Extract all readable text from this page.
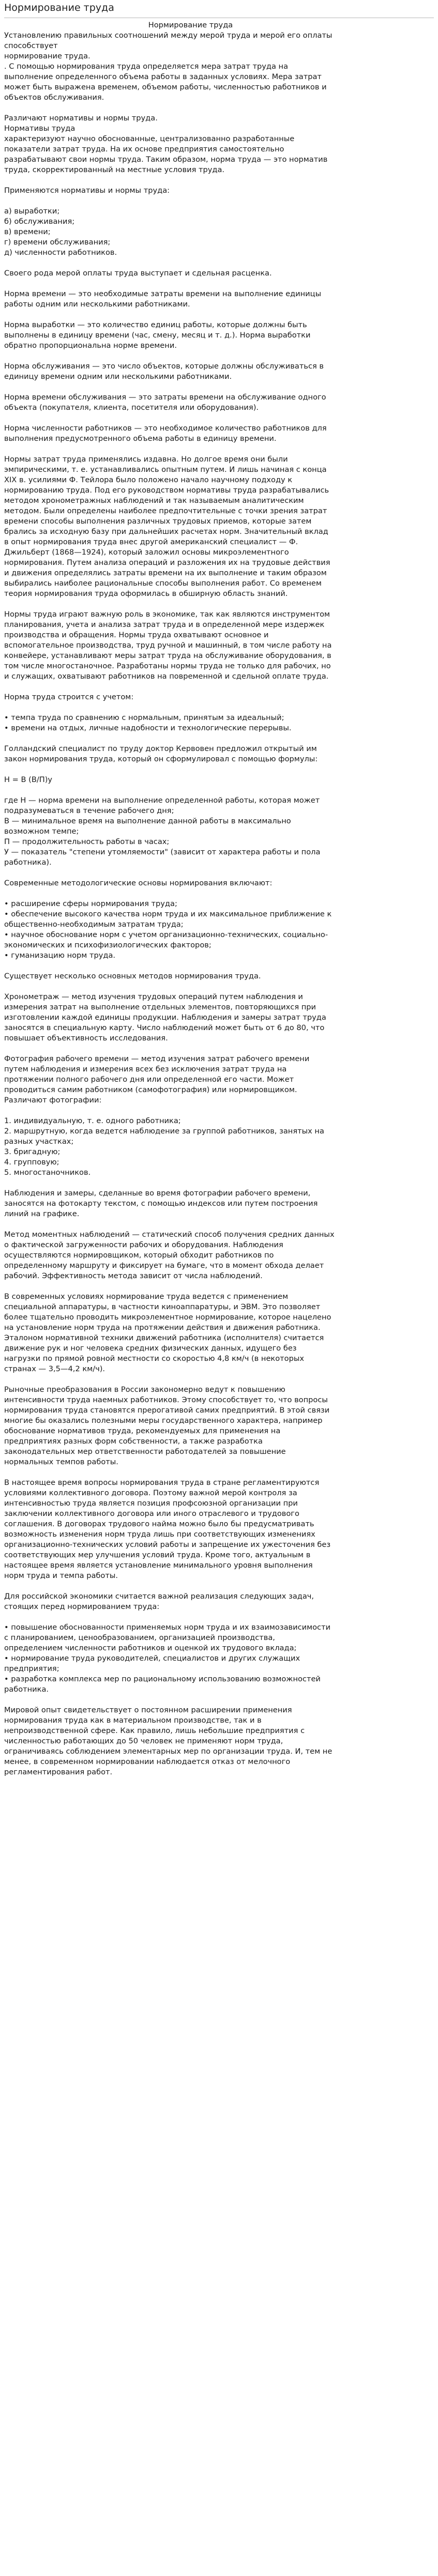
Нормирование труда
Нормирование труда
Установлению правильных соотношений между мерой труда и мерой его оплаты
способствует
нормирование труда.
. С помощью нормирования труда определяется мера затрат труда на
выполнение определенного объема работы в заданных условиях. Мера затрат
может быть выражена временем, объемом работы, численностью работников и
объектов обслуживания.
Различают нормативы и нормы труда.
Нормативы труда
характеризуют научно обоснованные, централизованно разработанные
показатели затрат труда. На их основе предприятия самостоятельно
разрабатывают свои нормы труда. Таким образом, норма труда — это норматив
труда, скорректированный на местные условия труда.
Применяются нормативы и нормы труда:
а) выработки;
б) обслуживания;
в) времени;
г) времени обслуживания;
д) численности работников.
Своего рода мерой оплаты труда выступает и сдельная расценка.
Норма времени — это необходимые затраты времени на выполнение единицы
работы одним или несколькими работниками.
Норма выработки — это количество единиц работы, которые должны быть
выполнены в единицу времени (час, смену, месяц и т. д.). Норма выработки
обратно пропорциональна норме времени.
Норма обслуживания — это число объектов, которые должны обслуживаться в
единицу времени одним или несколькими работниками.
Норма времени обслуживания — это затраты времени на обслуживание одного
объекта (покупателя, клиента, посетителя или оборудования).
Норма численности работников — это необходимое количество работников для
выполнения предусмотренного объема работы в единицу времени.
Нормы затрат труда применялись издавна. Но долгое время они были
эмпирическими, т. е. устанавливались опытным путем. И лишь начиная с конца
XIX в. усилиями Ф. Тейлора было положено начало научному подходу к
нормированию труда. Под его руководством нормативы труда разрабатывались
методом хронометражных наблюдений и так называемым аналитическим
методом. Были определены наиболее предпочтительные с точки зрения затрат
времени способы выполнения различных трудовых приемов, которые затем
брались за исходную базу при дальнейших расчетах норм. Значительный вклад
в опыт нормирования труда внес другой американский специалист — Ф.
Джильберт (1868—1924), который заложил основы микроэлементного
нормирования. Путем анализа операций и разложения их на трудовые действия
и движения определялись затраты времени на их выполнение и таким образом
выбирались наиболее рациональные способы выполнения работ. Со временем
теория нормирования труда оформилась в обширную область знаний.
Нормы труда играют важную роль в экономике, так как являются инструментом
планирования, учета и анализа затрат труда и в определенной мере издержек
производства и обращения. Нормы труда охватывают основное и
вспомогательное производства, труд ручной и машинный, в том числе работу на
конвейере, устанавливают меры затрат труда на обслуживание оборудования, в
том числе многостаночное. Разработаны нормы труда не только для рабочих, но
и служащих, охватывают работников на повременной и сдельной оплате труда.
Норма труда строится с учетом:
• темпа труда по сравнению с нормальным, принятым за идеальный;
• времени на отдых, личные надобности и технологические перерывы.
Голландский специалист по труду доктор Кервовен предложил открытый им
закон нормирования труда, который он сформулировал с помощью формулы:
Н = В (В/П)у
где Н — норма времени на выполнение определенной работы, которая может
подразумеваться в течение рабочего дня;
В — минимальное время на выполнение данной работы в максимально
возможном темпе;
П — продолжительность работы в часах;
У — показатель "степени утомляемости" (зависит от характера работы и пола
работника).
Современные методологические основы нормирования включают:
• расширение сферы нормирования труда;
• обеспечение высокого качества норм труда и их максимальное приближение к
общественно-необходимым затратам труда;
• научное обоснование норм с учетом организационно-технических, социально-
экономических и психофизиологических факторов;
• гуманизацию норм труда.
Существует несколько основных методов нормирования труда.
Хронометраж — метод изучения трудовых операций путем наблюдения и
измерения затрат на выполнение отдельных элементов, повторяющихся при
изготовлении каждой единицы продукции. Наблюдения и замеры затрат труда
заносятся в специальную карту. Число наблюдений может быть от 6 до 80, что
повышает объективность исследования.
Фотография рабочего времени — метод изучения затрат рабочего времени
путем наблюдения и измерения всех без исключения затрат труда на
протяжении полного рабочего дня или определенной его части. Может
проводиться самим работником (самофотография) или нормировщиком.
Различают фотографии:
1. индивидуальную, т. е. одного работника;
2. маршрутную, когда ведется наблюдение за группой работников, занятых на
разных участках;
3. бригадную;
4. групповую;
5. многостаночников.
Наблюдения и замеры, сделанные во время фотографии рабочего времени,
заносятся на фотокарту текстом, с помощью индексов или путем построения
линий на графике.
Метод моментных наблюдений — статический способ получения средних данных
о фактической загруженности рабочих и оборудования. Наблюдения
осуществляются нормировщиком, который обходит работников по
определенному маршруту и фиксирует на бумаге, что в момент обхода делает
рабочий. Эффективность метода зависит от числа наблюдений.
В современных условиях нормирование труда ведется с применением
специальной аппаратуры, в частности киноаппаратуры, и ЭВМ. Это позволяет
более тщательно проводить микроэлементное нормирование, которое нацелено
на установление норм труда на протяжении действия и движения работника.
Эталоном нормативной техники движений работника (исполнителя) считается
движение рук и ног человека средних физических данных, идущего без
нагрузки по прямой ровной местности со скоростью 4,8 км/ч (в некоторых
странах — 3,5—4,2 км/ч).
Рыночные преобразования в России закономерно ведут к повышению
интенсивности труда наемных работников. Этому способствует то, что вопросы
нормирования труда становятся прерогативой самих предприятий. В этой связи
многие бы оказались полезными меры государственного характера, например
обоснование нормативов труда, рекомендуемых для применения на
предприятиях разных форм собственности, а также разработка
законодательных мер ответственности работодателей за повышение
нормальных темпов работы.
В настоящее время вопросы нормирования труда в стране регламентируются
условиями коллективного договора. Поэтому важной мерой контроля за
интенсивностью труда является позиция профсоюзной организации при
заключении коллективного договора или иного отраслевого и трудового
соглашения. В договорах трудового найма можно было бы предусматривать
возможность изменения норм труда лишь при соответствующих изменениях
организационно-технических условий работы и запрещение их ужесточения без
соответствующих мер улучшения условий труда. Кроме того, актуальным в
настоящее время является установление минимального уровня выполнения
норм труда и темпа работы.
Для российской экономики считается важной реализация следующих задач,
стоящих перед нормированием труда:
• повышение обоснованности применяемых норм труда и их взаимозависимости
с планированием, ценообразованием, организацией производства,
определением численности работников и оценкой их трудового вклада;
• нормирование труда руководителей, специалистов и других служащих
предприятия;
• разработка комплекса мер по рациональному использованию возможностей
работника.
Мировой опыт свидетельствует о постоянном расширении применения
нормирования труда как в материальном производстве, так и в
непроизводственной сфере. Как правило, лишь небольшие предприятия с
численностью работающих до 50 человек не применяют норм труда,
ограничиваясь соблюдением элементарных мер по организации труда. И, тем не
менее, в современном нормировании наблюдается отказ от мелочного
регламентирования работ.
